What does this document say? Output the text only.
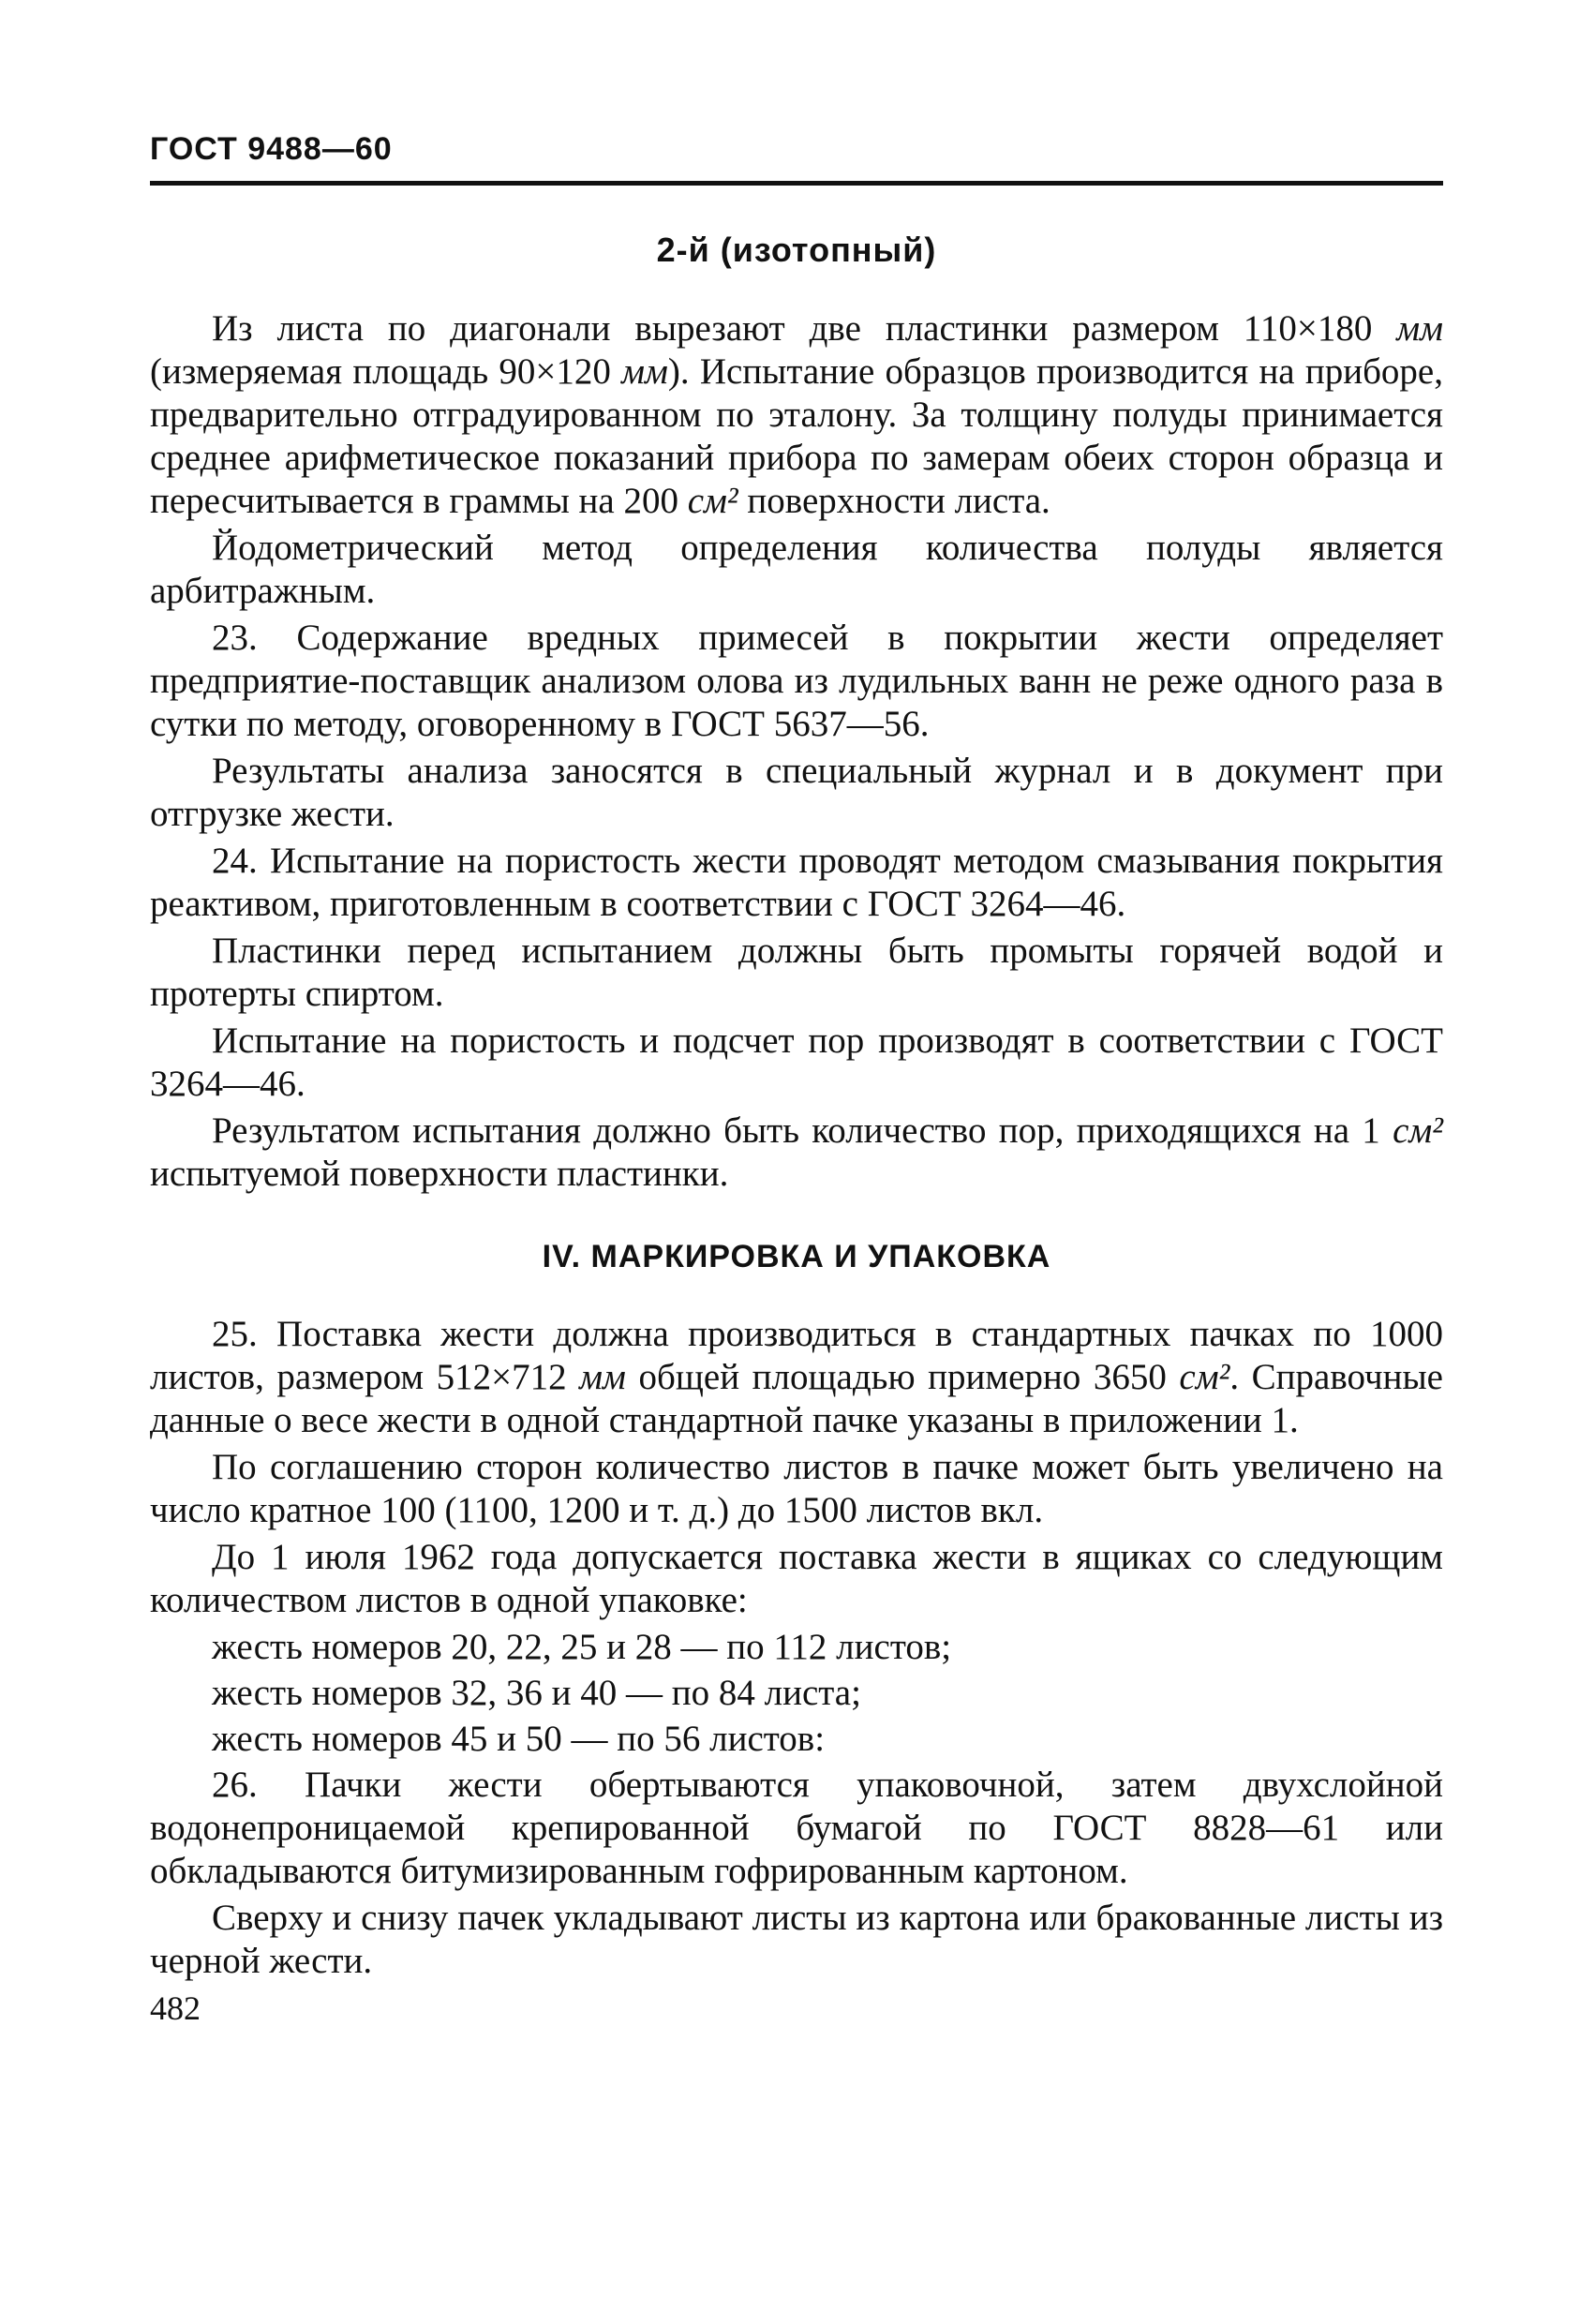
ГОСТ 9488—60
2-й (изотопный)

Из листа по диагонали вырезают две пластинки размером 110×180 мм (измеряемая площадь 90×120 мм). Испытание образцов производится на приборе, предварительно отградуированном по эталону. За толщину полуды принимается среднее арифметическое показаний прибора по замерам обеих сторон образца и пересчитывается в граммы на 200 см² поверхности листа.

Йодометрический метод определения количества полуды является арбитражным.

23. Содержание вредных примесей в покрытии жести определяет предприятие-поставщик анализом олова из лудильных ванн не реже одного раза в сутки по методу, оговоренному в ГОСТ 5637—56.

Результаты анализа заносятся в специальный журнал и в документ при отгрузке жести.

24. Испытание на пористость жести проводят методом смазывания покрытия реактивом, приготовленным в соответствии с ГОСТ 3264—46.

Пластинки перед испытанием должны быть промыты горячей водой и протерты спиртом.

Испытание на пористость и подсчет пор производят в соответствии с ГОСТ 3264—46.

Результатом испытания должно быть количество пор, приходящихся на 1 см² испытуемой поверхности пластинки.

IV. МАРКИРОВКА И УПАКОВКА

25. Поставка жести должна производиться в стандартных пачках по 1000 листов, размером 512×712 мм общей площадью примерно 3650 см². Справочные данные о весе жести в одной стандартной пачке указаны в приложении 1.

По соглашению сторон количество листов в пачке может быть увеличено на число кратное 100 (1100, 1200 и т. д.) до 1500 листов вкл.

До 1 июля 1962 года допускается поставка жести в ящиках со следующим количеством листов в одной упаковке:

жесть номеров 20, 22, 25 и 28 — по 112 листов;
жесть номеров 32, 36 и 40 — по 84 листа;
жесть номеров 45 и 50 — по 56 листов:

26. Пачки жести обертываются упаковочной, затем двухслойной водонепроницаемой крепированной бумагой по ГОСТ 8828—61 или обкладываются битумизированным гофрированным картоном.

Сверху и снизу пачек укладывают листы из картона или бракованные листы из черной жести.

482
